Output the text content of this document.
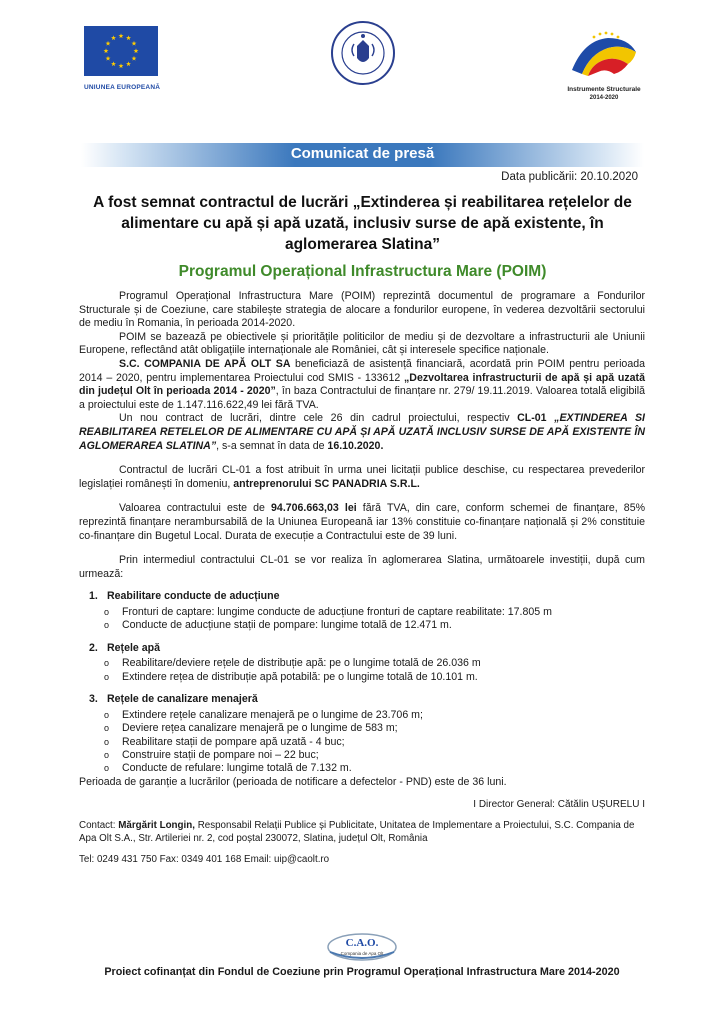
UNIUNEA EUROPEANĂ	Instrumente Structurale
2014-2020
Comunicat de presă
Data publicării: 20.10.2020
A fost semnat contractul de lucrări „Extinderea și reabilitarea rețelelor de alimentare cu apă și apă uzată, inclusiv surse de apă existente, în aglomerarea Slatina”
Programul Operațional Infrastructura Mare (POIM)

Programul Operațional Infrastructura Mare (POIM) reprezintă documentul de programare a Fondurilor Structurale și de Coeziune, care stabilește strategia de alocare a fondurilor europene, în vederea dezvoltării sectorului de mediu în Romania, în perioada 2014-2020.

POIM se bazează pe obiectivele și prioritățile politicilor de mediu și de dezvoltare a infrastructurii ale Uniunii Europene, reflectând atât obligațiile internaționale ale României, cât și interesele specifice naționale.

S.C. COMPANIA DE APĂ OLT SA beneficiază de asistență financiară, acordată prin POIM pentru perioada 2014 – 2020, pentru implementarea Proiectului cod SMIS - 133612 „Dezvoltarea infrastructurii de apă și apă uzată din județul Olt în perioada 2014 - 2020”, în baza Contractului de finanțare nr. 279/ 19.11.2019. Valoarea totală eligibilă a proiectului este de 1.147.116.622,49 lei fără TVA.

Un nou contract de lucrări, dintre cele 26 din cadrul proiectului, respectiv CL-01 „EXTINDEREA SI REABILITAREA RETELELOR DE ALIMENTARE CU APĂ ȘI APĂ UZATĂ INCLUSIV SURSE DE APĂ EXISTENTE ÎN AGLOMERAREA SLATINA”, s-a semnat în data de 16.10.2020.

Contractul de lucrări CL-01 a fost atribuit în urma unei licitații publice deschise, cu respectarea prevederilor legislației românești în domeniu, antreprenorului SC PANADRIA S.R.L.

Valoarea contractului este de 94.706.663,03 lei fără TVA, din care, conform schemei de finanțare, 85% reprezintă finanțare nerambursabilă de la Uniunea Europeană iar 13% constituie co-finanțare națională și 2% constituie co-finanțare din Bugetul Local. Durata de execuție a Contractului este de 39 luni.

Prin intermediul contractului CL-01 se vor realiza în aglomerarea Slatina, următoarele investiții, după cum urmează:

1. Reabilitare conducte de aducțiune

o Fronturi de captare: lungime conducte de aducțiune fronturi de captare reabilitate: 17.805 m
o Conducte de aducțiune stații de pompare: lungime totală de 12.471 m.

2. Rețele apă

o Reabilitare/deviere rețele de distribuție apă: pe o lungime totală de 26.036 m
o Extindere rețea de distribuție apă potabilă: pe o lungime totală de 10.101 m.

3. Rețele de canalizare menajeră

o Extindere rețele canalizare menajeră pe o lungime de 23.706 m;
o Deviere rețea canalizare menajeră pe o lungime de 583 m;
o Reabilitare stații de pompare apă uzată - 4 buc;
o Construire stații de pompare noi – 22 buc;
o Conducte de refulare: lungime totală de 7.132 m.

Perioada de garanție a lucrărilor (perioada de notificare a defectelor - PND) este de 36 luni.

I Director General: Cătălin UȘURELU I

Contact: Mărgărit Longin, Responsabil Relații Publice și Publicitate, Unitatea de Implementare a Proiectului, S.C. Compania de Apa Olt S.A., Str. Artileriei nr. 2, cod poștal 230072, Slatina, județul Olt, România

Tel: 0249 431 750 Fax: 0349 401 168 Email: uip@caolt.ro

C.A.O.
Compania de Apa Olt
Proiect cofinanțat din Fondul de Coeziune prin Programul Operațional Infrastructura Mare 2014-2020
